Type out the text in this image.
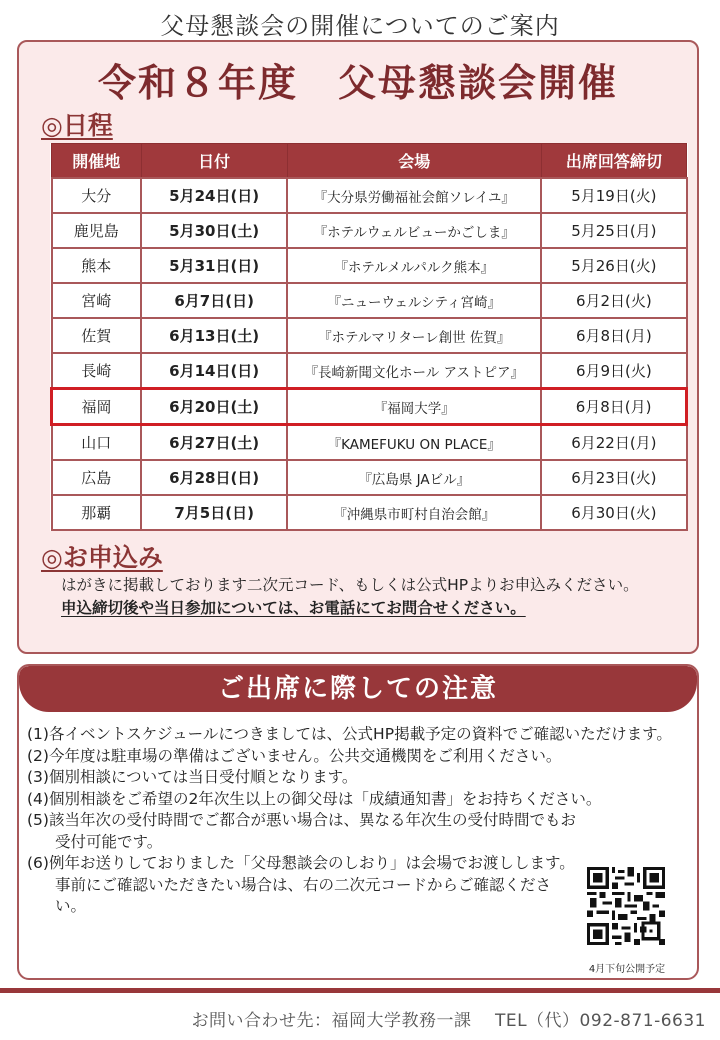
父母懇談会の開催についてのご案内
令和８年度　父母懇談会開催
◎日程
開催地	日付	会場	出席回答締切
大分	5月24日(日)	『大分県労働福祉会館ソレイユ』	5月19日(火)
鹿児島	5月30日(土)	『ホテルウェルビューかごしま』	5月25日(月)
熊本	5月31日(日)	『ホテルメルパルク熊本』	5月26日(火)
宮崎	6月7日(日)	『ニューウェルシティ宮崎』	6月2日(火)
佐賀	6月13日(土)	『ホテルマリターレ創世 佐賀』	6月8日(月)
長崎	6月14日(日)	『長崎新聞文化ホール アストピア』	6月9日(火)
福岡	6月20日(土)	『福岡大学』	6月8日(月)
山口	6月27日(土)	『KAMEFUKU ON PLACE』	6月22日(月)
広島	6月28日(日)	『広島県 JAビル』	6月23日(火)
那覇	7月5日(日)	『沖縄県市町村自治会館』	6月30日(火)
◎お申込み
はがきに掲載しております二次元コード、もしくは公式HPよりお申込みください。
申込締切後や当日参加については、お電話にてお問合せください。
ご出席に際しての注意
(1)各イベントスケジュールにつきましては、公式HP掲載予定の資料でご確認いただけます。
(2)今年度は駐車場の準備はございません。公共交通機関をご利用ください。
(3)個別相談については当日受付順となります。
(4)個別相談をご希望の2年次生以上の御父母は「成績通知書」をお持ちください。
(5)該当年次の受付時間でご都合が悪い場合は、異なる年次生の受付時間でもお受付可能です。
(6)例年お送りしておりました「父母懇談会のしおり」は会場でお渡しします。事前にご確認いただきたい場合は、右の二次元コードからご確認ください。
4月下旬公開予定
お問い合わせ先：福岡大学教務一課　 TEL（代）092-871-6631
